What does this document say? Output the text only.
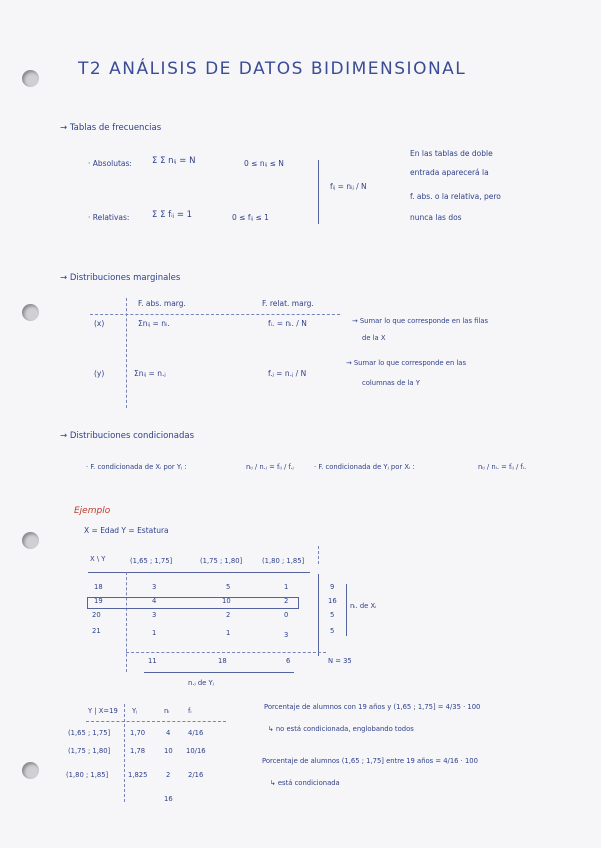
T2 ANÁLISIS DE DATOS BIDIMENSIONAL
→ Tablas de frecuencias
· Absolutas: Σ Σ nᵢⱼ = N	0 ≤ nᵢⱼ ≤ N
· Relativas:	Σ Σ fᵢⱼ = 1	0 ≤ fᵢⱼ ≤ 1
fᵢⱼ = nᵢⱼ / N
En las tablas de doble
entrada aparecerá la
f. abs. o la relativa, pero
nunca las dos
→ Distribuciones marginales
F. abs. marg.	F. relat. marg.
(x)	Σnᵢⱼ = nᵢ.	fᵢ. = nᵢ. / N	→ Sumar lo que corresponde en las filas
de la X
(y)	Σnᵢⱼ = n.ⱼ	f.ⱼ = n.ⱼ / N
→ Sumar lo que corresponde en las
columnas de la Y
→ Distribuciones condicionadas
· F. condicionada de Xᵢ por Yⱼ :	nᵢⱼ / n.ⱼ = fᵢⱼ / f.ⱼ	· F. condicionada de Yⱼ por Xᵢ :	nᵢⱼ / nᵢ. = fᵢⱼ / fᵢ.
Ejemplo
X = Edad Y = Estatura
X \ Y	(1,65 ; 1,75]	(1,75 ; 1,80]	(1,80 ; 1,85]
18	3	5	1	9
19	4	10	2	16
20	3	2	0	5
21	1	1	3	5
nᵢ. de Xᵢ
11	18	6	N = 35
n.ⱼ de Yⱼ
Y | X=19 Yⱼ	nᵢ	fᵢ
(1,65 ; 1,75]	1,70	4	4/16
(1,75 ; 1,80]	1,78	10 10/16
(1,80 ; 1,85]	1,825	2	2/16
16
Porcentaje de alumnos con 19 años y (1,65 ; 1,75] = 4/35 · 100
↳ no está condicionada, englobando todos
Porcentaje de alumnos (1,65 ; 1,75] entre 19 años = 4/16 · 100
↳ está condicionada
